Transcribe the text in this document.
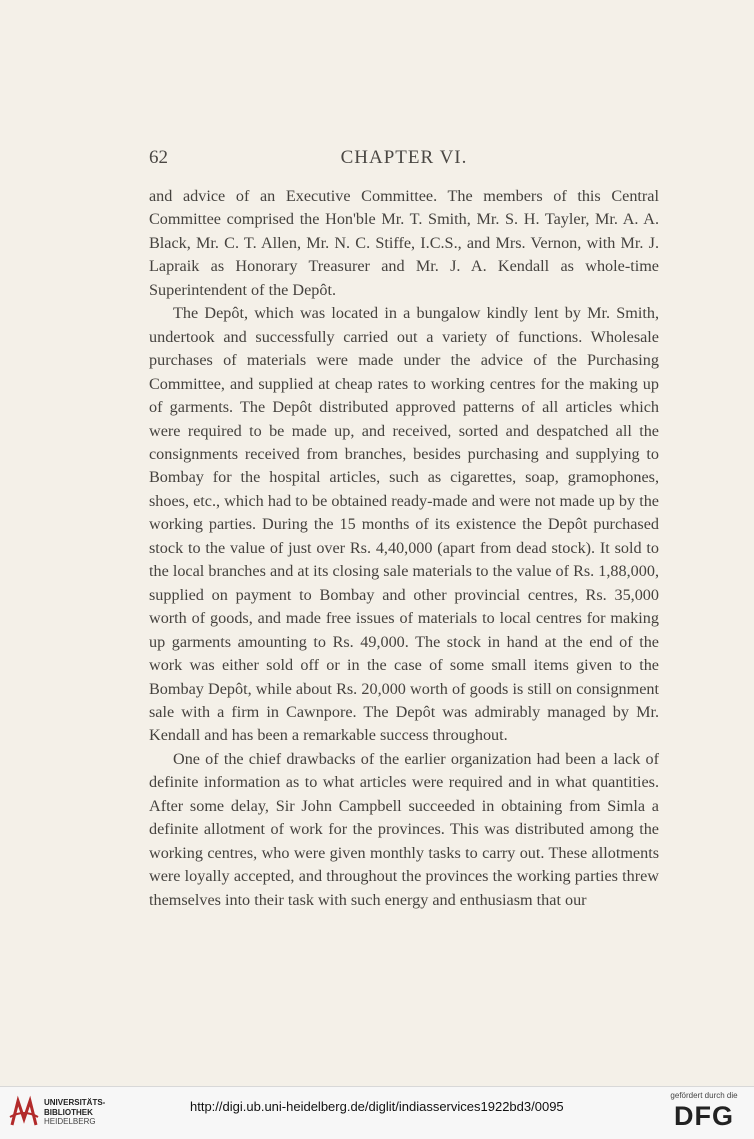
62	CHAPTER VI.

and advice of an Executive Committee. The members of this Central Committee comprised the Hon'ble Mr. T. Smith, Mr. S. H. Tayler, Mr. A. A. Black, Mr. C. T. Allen, Mr. N. C. Stiffe, I.C.S., and Mrs. Vernon, with Mr. J. Lapraik as Honorary Treasurer and Mr. J. A. Kendall as whole-time Superintendent of the Depôt.

The Depôt, which was located in a bungalow kindly lent by Mr. Smith, undertook and successfully carried out a variety of functions. Wholesale purchases of materials were made under the advice of the Purchasing Committee, and supplied at cheap rates to working centres for the making up of garments. The Depôt distributed approved patterns of all articles which were required to be made up, and received, sorted and despatched all the consignments received from branches, besides purchasing and supplying to Bombay for the hospital articles, such as cigarettes, soap, gramophones, shoes, etc., which had to be obtained ready-made and were not made up by the working parties. During the 15 months of its existence the Depôt purchased stock to the value of just over Rs. 4,40,000 (apart from dead stock). It sold to the local branches and at its closing sale materials to the value of Rs. 1,88,000, supplied on payment to Bombay and other provincial centres, Rs. 35,000 worth of goods, and made free issues of materials to local centres for making up garments amounting to Rs. 49,000. The stock in hand at the end of the work was either sold off or in the case of some small items given to the Bombay Depôt, while about Rs. 20,000 worth of goods is still on consignment sale with a firm in Cawnpore. The Depôt was admirably managed by Mr. Kendall and has been a remarkable success throughout.

One of the chief drawbacks of the earlier organization had been a lack of definite information as to what articles were required and in what quantities. After some delay, Sir John Campbell succeeded in obtaining from Simla a definite allotment of work for the provinces. This was distributed among the working centres, who were given monthly tasks to carry out. These allotments were loyally accepted, and throughout the provinces the working parties threw themselves into their task with such energy and enthusiasm that our

UNIVERSITÄTS-
BIBLIOTHEK
HEIDELBERG
http://digi.ub.uni-heidelberg.de/diglit/indiasservices1922bd3/0095
gefördert durch die
DFG
